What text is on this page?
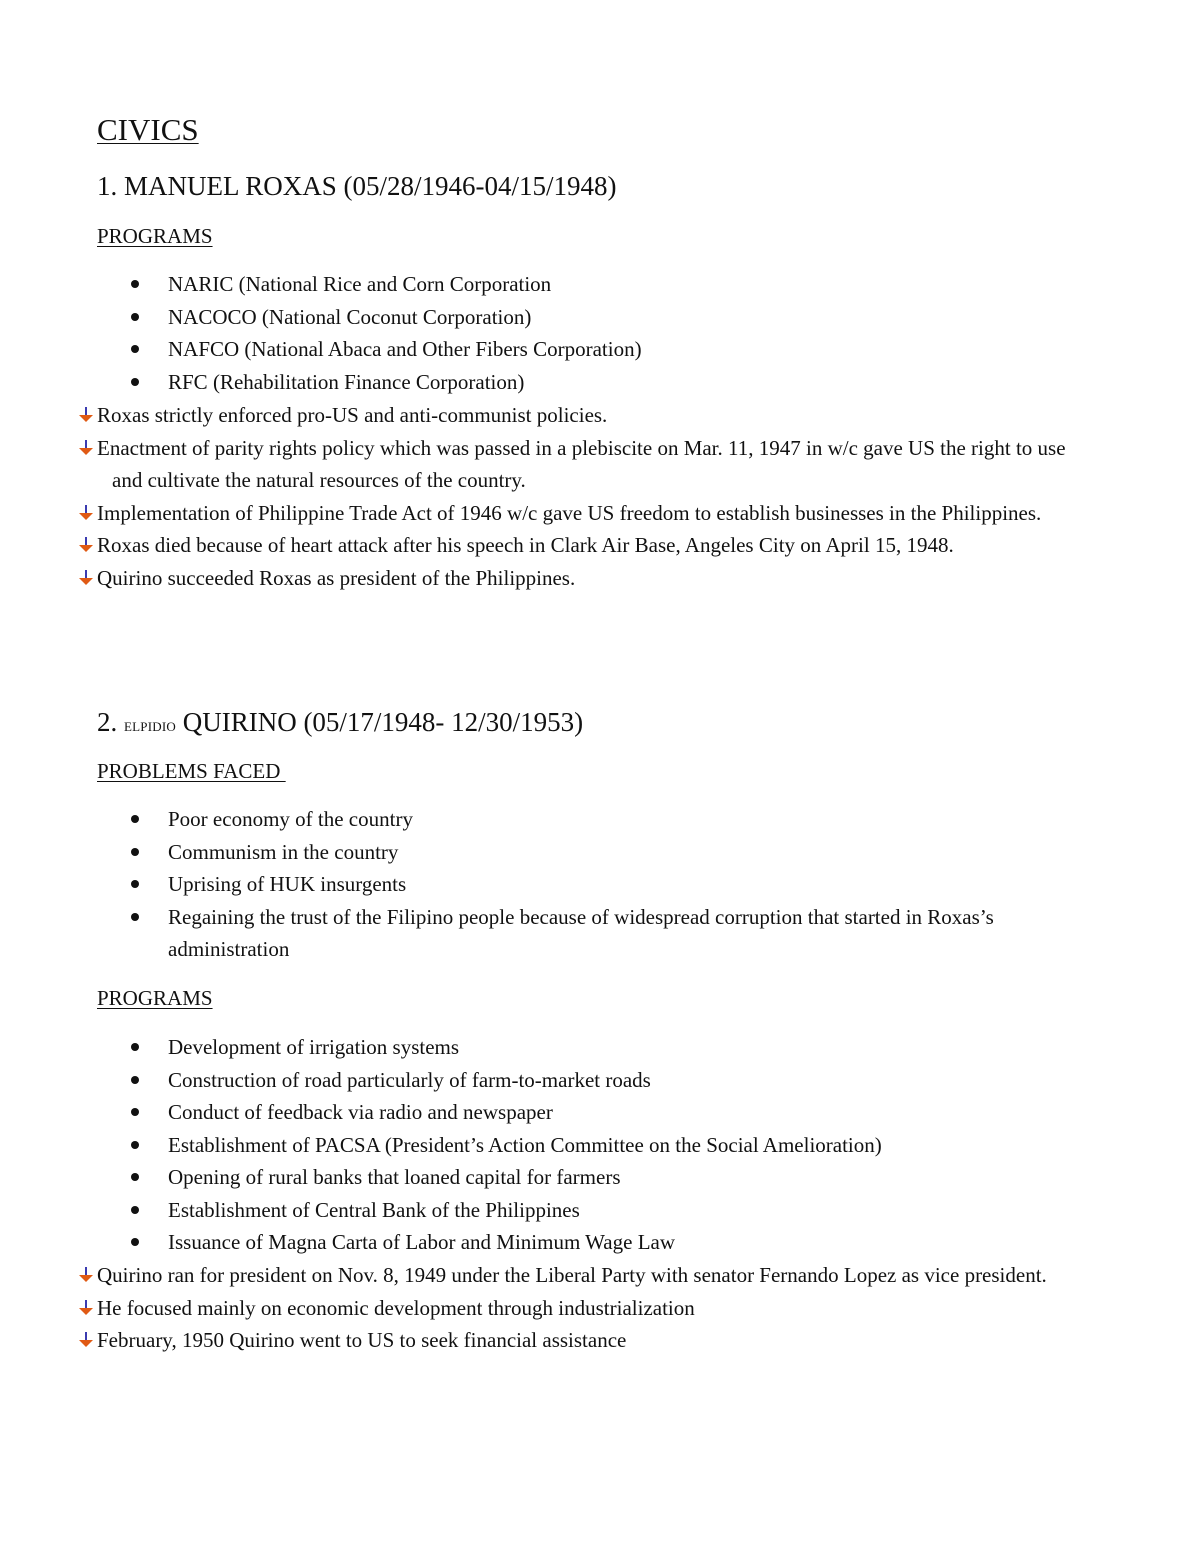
CIVICS
1. MANUEL ROXAS (05/28/1946-04/15/1948)
PROGRAMS
NARIC (National Rice and Corn Corporation
NACOCO (National Coconut Corporation)
NAFCO (National Abaca and Other Fibers Corporation)
RFC (Rehabilitation Finance Corporation)
Roxas strictly enforced pro-US and anti-communist policies.
Enactment of parity rights policy which was passed in a plebiscite on Mar. 11, 1947 in w/c gave US the right to use and cultivate the natural resources of the country.
Implementation of Philippine Trade Act of 1946 w/c gave US freedom to establish businesses in the Philippines.
Roxas died because of heart attack after his speech in Clark Air Base, Angeles City on April 15, 1948.
Quirino succeeded Roxas as president of the Philippines.
2. ELPIDIO QUIRINO (05/17/1948- 12/30/1953)
PROBLEMS FACED
Poor economy of the country
Communism in the country
Uprising of HUK insurgents
Regaining the trust of the Filipino people because of widespread corruption that started in Roxas’s administration
PROGRAMS
Development of irrigation systems
Construction of road particularly of farm-to-market roads
Conduct of feedback via radio and newspaper
Establishment of PACSA (President’s Action Committee on the Social Amelioration)
Opening of rural banks that loaned capital for farmers
Establishment of Central Bank of the Philippines
Issuance of Magna Carta of Labor and Minimum Wage Law
Quirino ran for president on Nov. 8, 1949 under the Liberal Party with senator Fernando Lopez as vice president.
He focused mainly on economic development through industrialization
February, 1950 Quirino went to US to seek financial assistance
